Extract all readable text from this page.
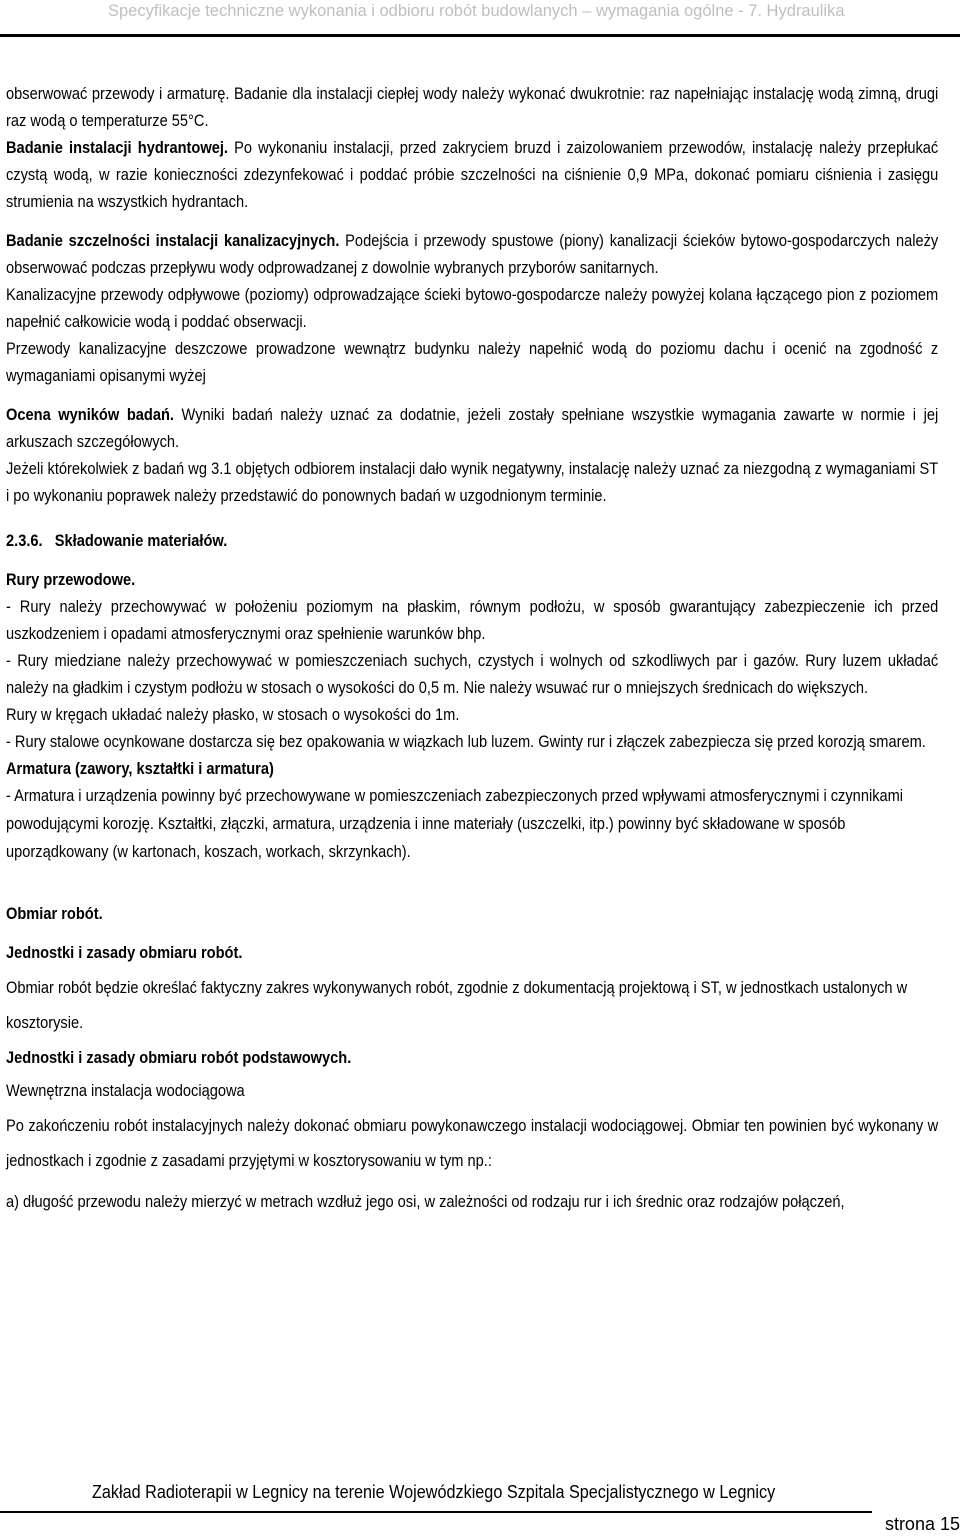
Specyfikacje techniczne wykonania i odbioru robót budowlanych – wymagania ogólne - 7. Hydraulika

obserwować przewody i armaturę. Badanie dla instalacji ciepłej wody należy wykonać dwukrotnie: raz napełniając instalację wodą zimną, drugi raz wodą o temperaturze 55°C.

Badanie instalacji hydrantowej. Po wykonaniu instalacji, przed zakryciem bruzd i zaizolowaniem przewodów, instalację należy przepłukać czystą wodą, w razie konieczności zdezynfekować i poddać próbie szczelności na ciśnienie 0,9 MPa, dokonać pomiaru ciśnienia i zasięgu strumienia na wszystkich hydrantach.

Badanie szczelności instalacji kanalizacyjnych. Podejścia i przewody spustowe (piony) kanalizacji ścieków bytowo-gospodarczych należy obserwować podczas przepływu wody odprowadzanej z dowolnie wybranych przyborów sanitarnych.

Kanalizacyjne przewody odpływowe (poziomy) odprowadzające ścieki bytowo-gospodarcze należy powyżej kolana łączącego pion z poziomem napełnić całkowicie wodą i poddać obserwacji.

Przewody kanalizacyjne deszczowe prowadzone wewnątrz budynku należy napełnić wodą do poziomu dachu i ocenić na zgodność z wymaganiami opisanymi wyżej

Ocena wyników badań. Wyniki badań należy uznać za dodatnie, jeżeli zostały spełniane wszystkie wymagania zawarte w normie i jej arkuszach szczegółowych.

Jeżeli którekolwiek z badań wg 3.1 objętych odbiorem instalacji dało wynik negatywny, instalację należy uznać za niezgodną z wymaganiami ST i po wykonaniu poprawek należy przedstawić do ponownych badań w uzgodnionym terminie.

2.3.6. Składowanie materiałów.

Rury przewodowe.

- Rury należy przechowywać w położeniu poziomym na płaskim, równym podłożu, w sposób gwarantujący zabezpieczenie ich przed uszkodzeniem i opadami atmosferycznymi oraz spełnienie warunków bhp.

- Rury miedziane należy przechowywać w pomieszczeniach suchych, czystych i wolnych od szkodliwych par i gazów. Rury luzem układać należy na gładkim i czystym podłożu w stosach o wysokości do 0,5 m. Nie należy wsuwać rur o mniejszych średnicach do większych.

Rury w kręgach układać należy płasko, w stosach o wysokości do 1m.

- Rury stalowe ocynkowane dostarcza się bez opakowania w wiązkach lub luzem. Gwinty rur i złączek zabezpiecza się przed korozją smarem.

Armatura (zawory, kształtki i armatura)

- Armatura i urządzenia powinny być przechowywane w pomieszczeniach zabezpieczonych przed wpływami atmosferycznymi i czynnikami powodującymi korozję. Kształtki, złączki, armatura, urządzenia i inne materiały (uszczelki, itp.) powinny być składowane w sposób uporządkowany (w kartonach, koszach, workach, skrzynkach).

Obmiar robót.

Jednostki i zasady obmiaru robót.

Obmiar robót będzie określać faktyczny zakres wykonywanych robót, zgodnie z dokumentacją projektową i ST, w jednostkach ustalonych w kosztorysie.

Jednostki i zasady obmiaru robót podstawowych.

Wewnętrzna instalacja wodociągowa

Po zakończeniu robót instalacyjnych należy dokonać obmiaru powykonawczego instalacji wodociągowej. Obmiar ten powinien być wykonany w jednostkach i zgodnie z zasadami przyjętymi w kosztorysowaniu w tym np.:

a) długość przewodu należy mierzyć w metrach wzdłuż jego osi, w zależności od rodzaju rur i ich średnic oraz rodzajów połączeń,

Zakład Radioterapii w Legnicy na terenie Wojewódzkiego Szpitala Specjalistycznego w Legnicy
strona 15
